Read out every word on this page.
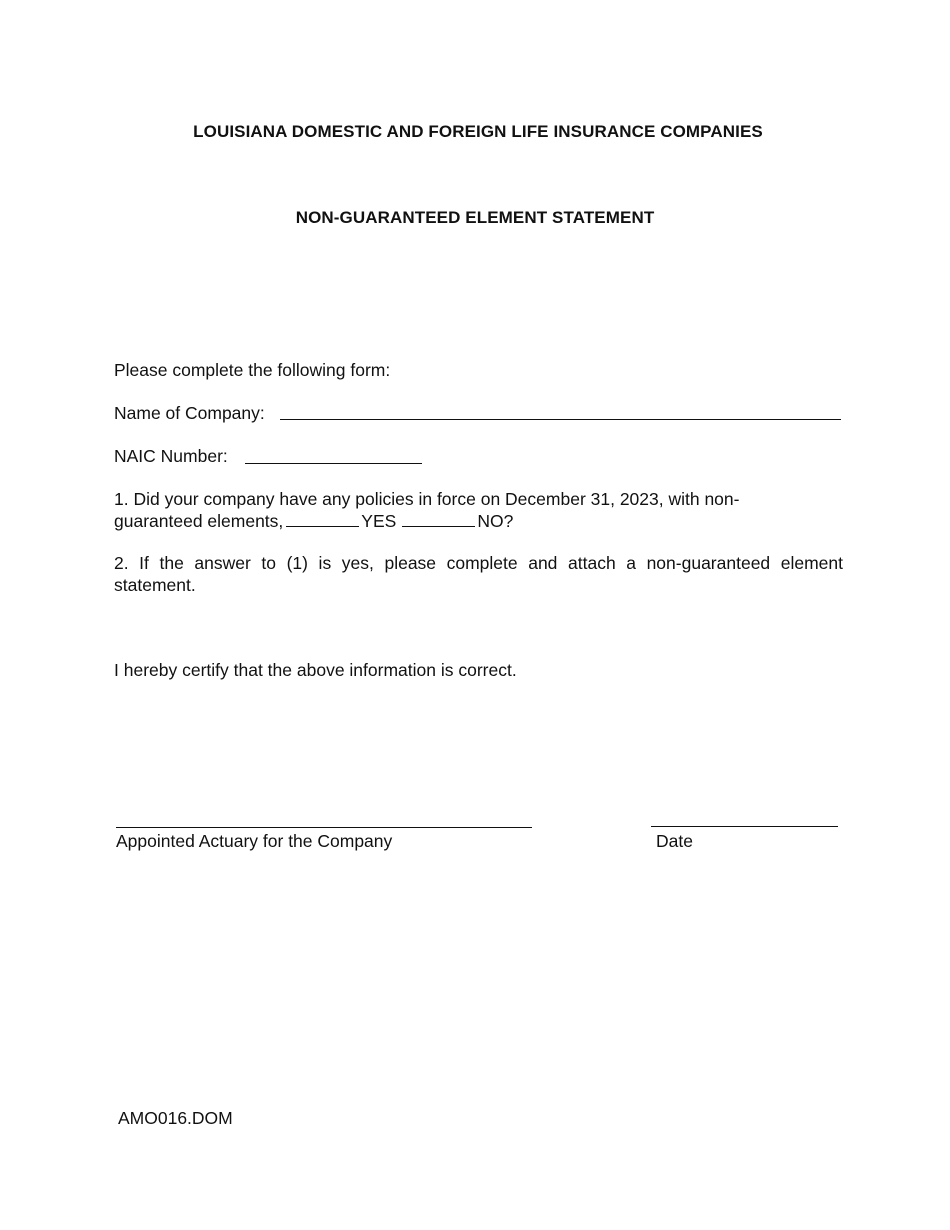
LOUISIANA DOMESTIC AND FOREIGN LIFE INSURANCE COMPANIES
NON-GUARANTEED ELEMENT STATEMENT
Please complete the following form:
Name of Company:
NAIC Number:
1. Did your company have any policies in force on December 31, 2023, with non-
guaranteed elements,	YES	NO?
2. If the answer to (1) is yes, please complete and attach a non-guaranteed element statement.
I hereby certify that the above information is correct.
Appointed Actuary for the Company	Date
AMO016.DOM
